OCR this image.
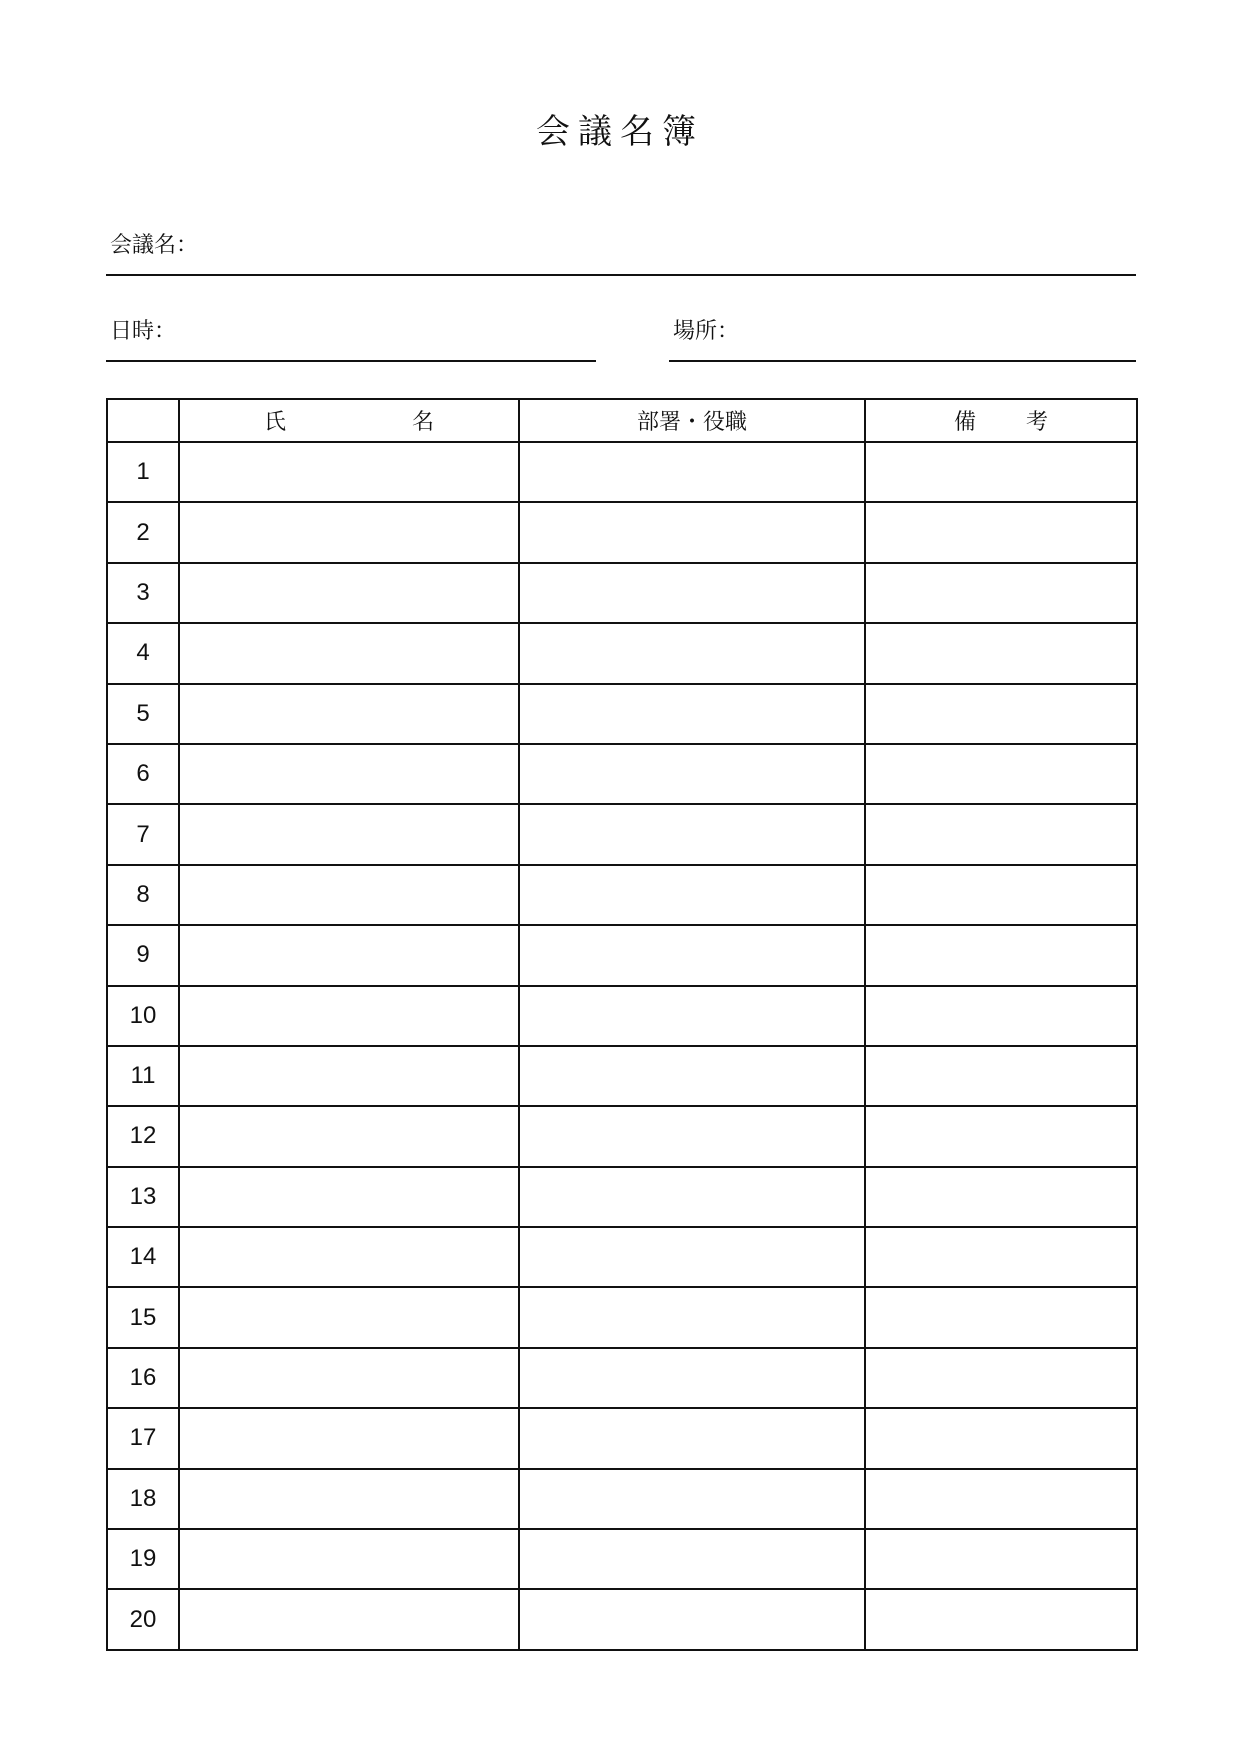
会議名簿
会議名：
日時：	場所：
	氏　名	部署・役職	備　考
1			
2			
3			
4			
5			
6			
7			
8			
9			
10			
11			
12			
13			
14			
15			
16			
17			
18			
19			
20			
